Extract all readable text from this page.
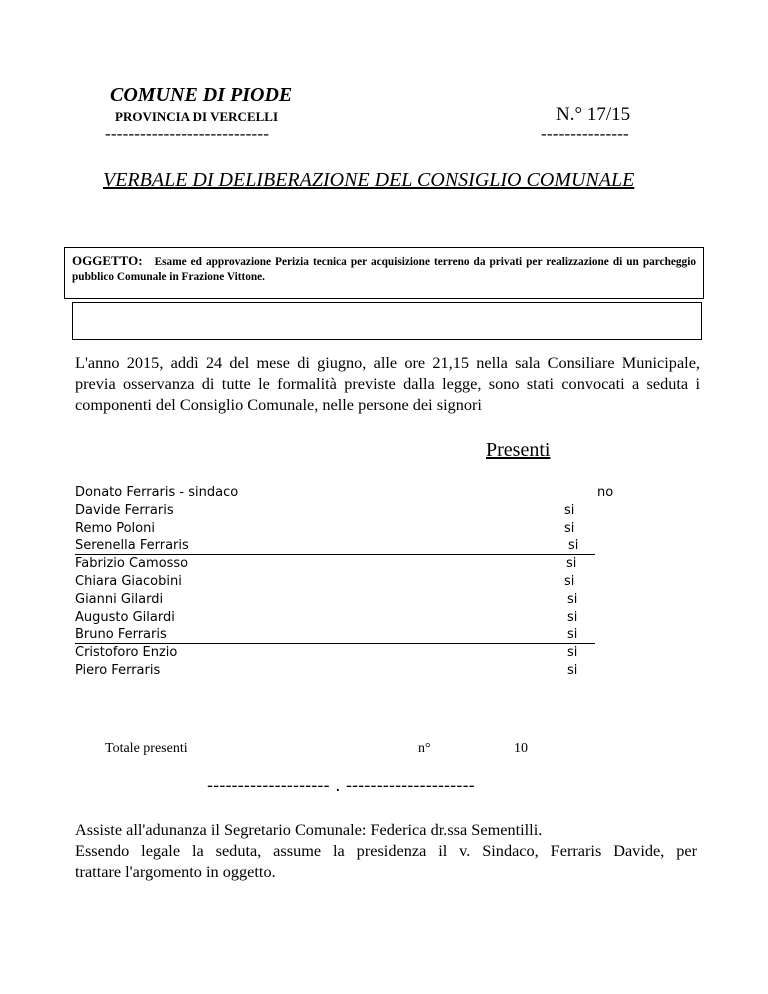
COMUNE DI PIODE
PROVINCIA DI VERCELLI	N.° 17/15
----------------------------	---------------
VERBALE DI DELIBERAZIONE DEL CONSIGLIO COMUNALE
OGGETTO: Esame ed approvazione Perizia tecnica per acquisizione terreno da privati per realizzazione di un parcheggio pubblico Comunale in Frazione Vittone.
L'anno 2015, addì 24 del mese di giugno, alle ore 21,15 nella sala Consiliare Municipale, previa osservanza di tutte le formalità previste dalla legge, sono stati convocati a seduta i componenti del Consiglio Comunale, nelle persone dei signori
Presenti
Donato Ferraris - sindaco	no
Davide Ferraris	si
Remo Poloni	si
Serenella Ferraris	si
Fabrizio Camosso	si
Chiara Giacobini	si
Gianni Gilardi	si
Augusto Gilardi	si
Bruno Ferraris	si
Cristoforo Enzio	si
Piero Ferraris	si
Totale presenti	n°	10
-------------------- . ---------------------
Assiste all'adunanza il Segretario Comunale: Federica dr.ssa Sementilli.
Essendo legale la seduta, assume la presidenza il v. Sindaco, Ferraris Davide, per
trattare l'argomento in oggetto.
